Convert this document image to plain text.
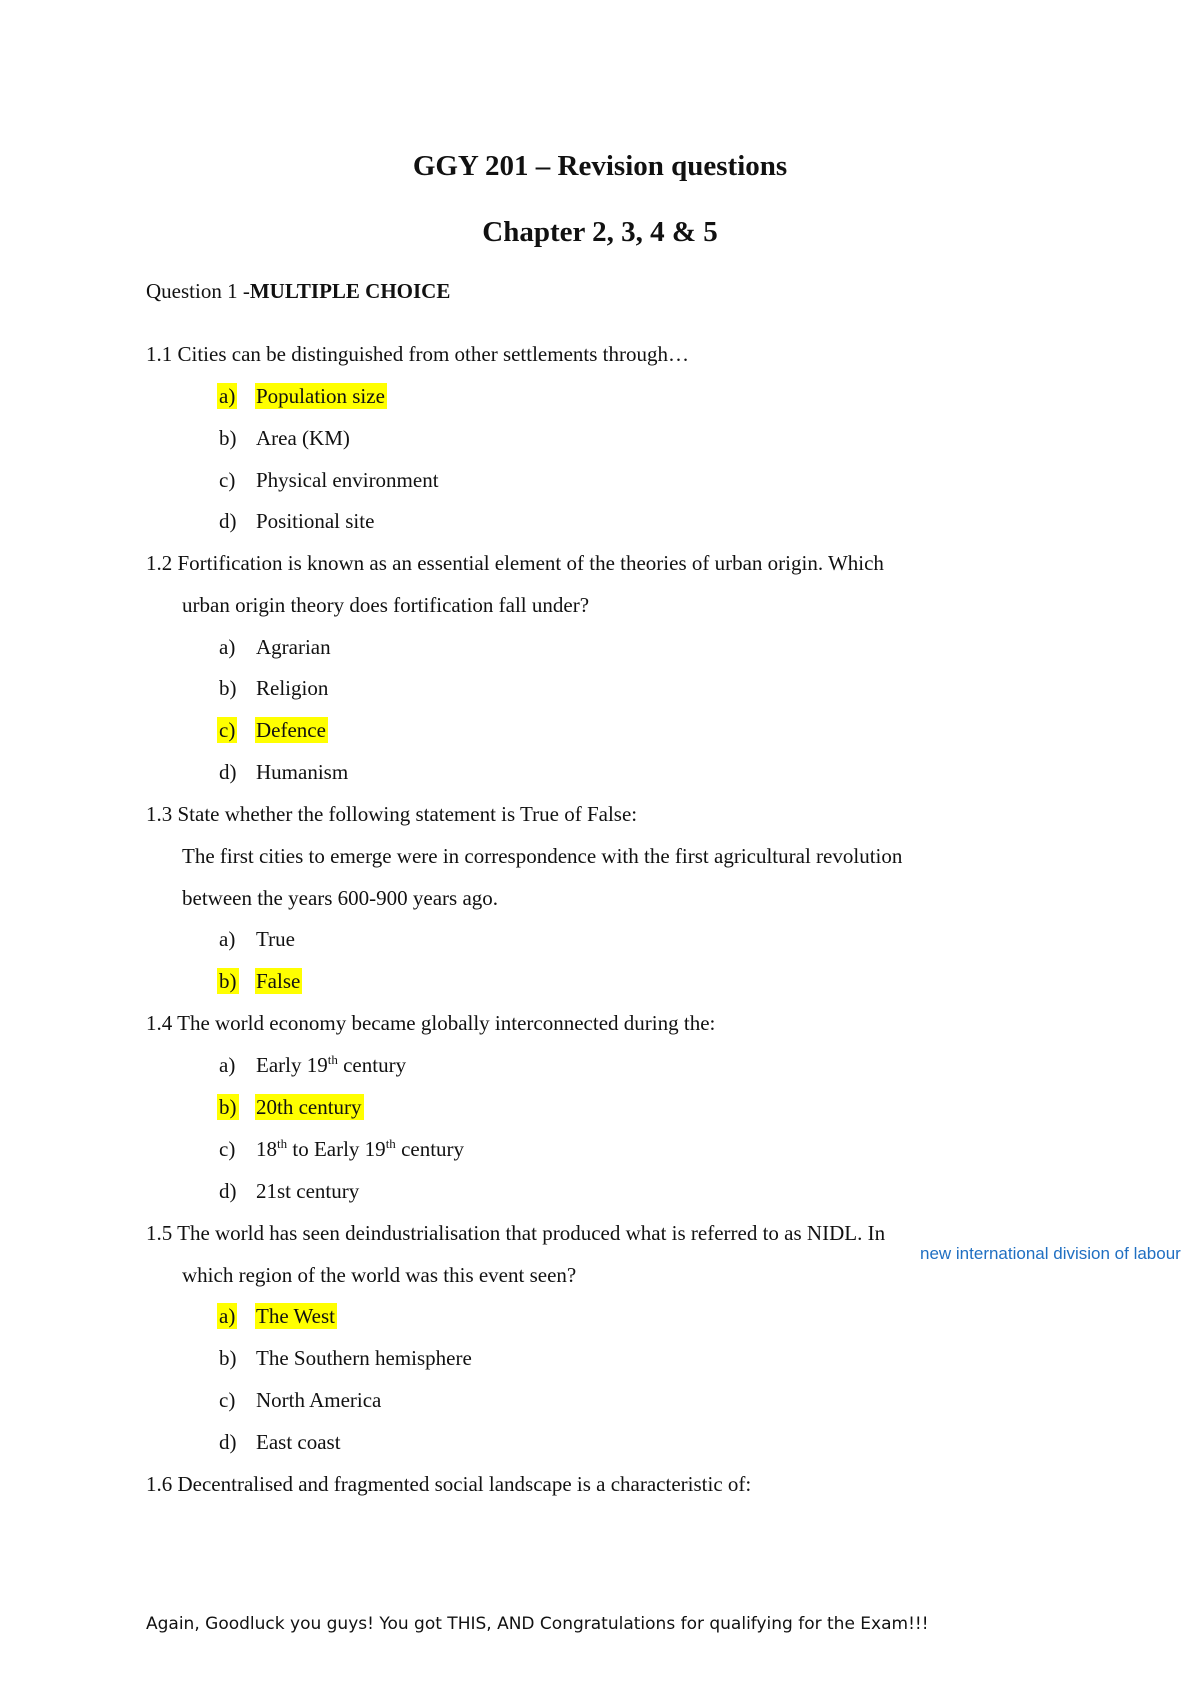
GGY 201 – Revision questions
Chapter 2, 3, 4 & 5
Question 1 -MULTIPLE CHOICE
1.1 Cities can be distinguished from other settlements through…
a) Population size
b) Area (KM)
c) Physical environment
d) Positional site
1.2 Fortification is known as an essential element of the theories of urban origin. Which
urban origin theory does fortification fall under?
a) Agrarian
b) Religion
c) Defence
d) Humanism
1.3 State whether the following statement is True of False:
The first cities to emerge were in correspondence with the first agricultural revolution
between the years 600-900 years ago.
a) True
b) False
1.4 The world economy became globally interconnected during the:
a) Early 19th century
b) 20th century
c) 18th to Early 19th century
d) 21st century
1.5 The world has seen deindustrialisation that produced what is referred to as NIDL. In
new international division of labour
which region of the world was this event seen?
a) The West
b) The Southern hemisphere
c) North America
d) East coast
1.6 Decentralised and fragmented social landscape is a characteristic of:
Again, Goodluck you guys! You got THIS, AND Congratulations for qualifying for the Exam!!!
